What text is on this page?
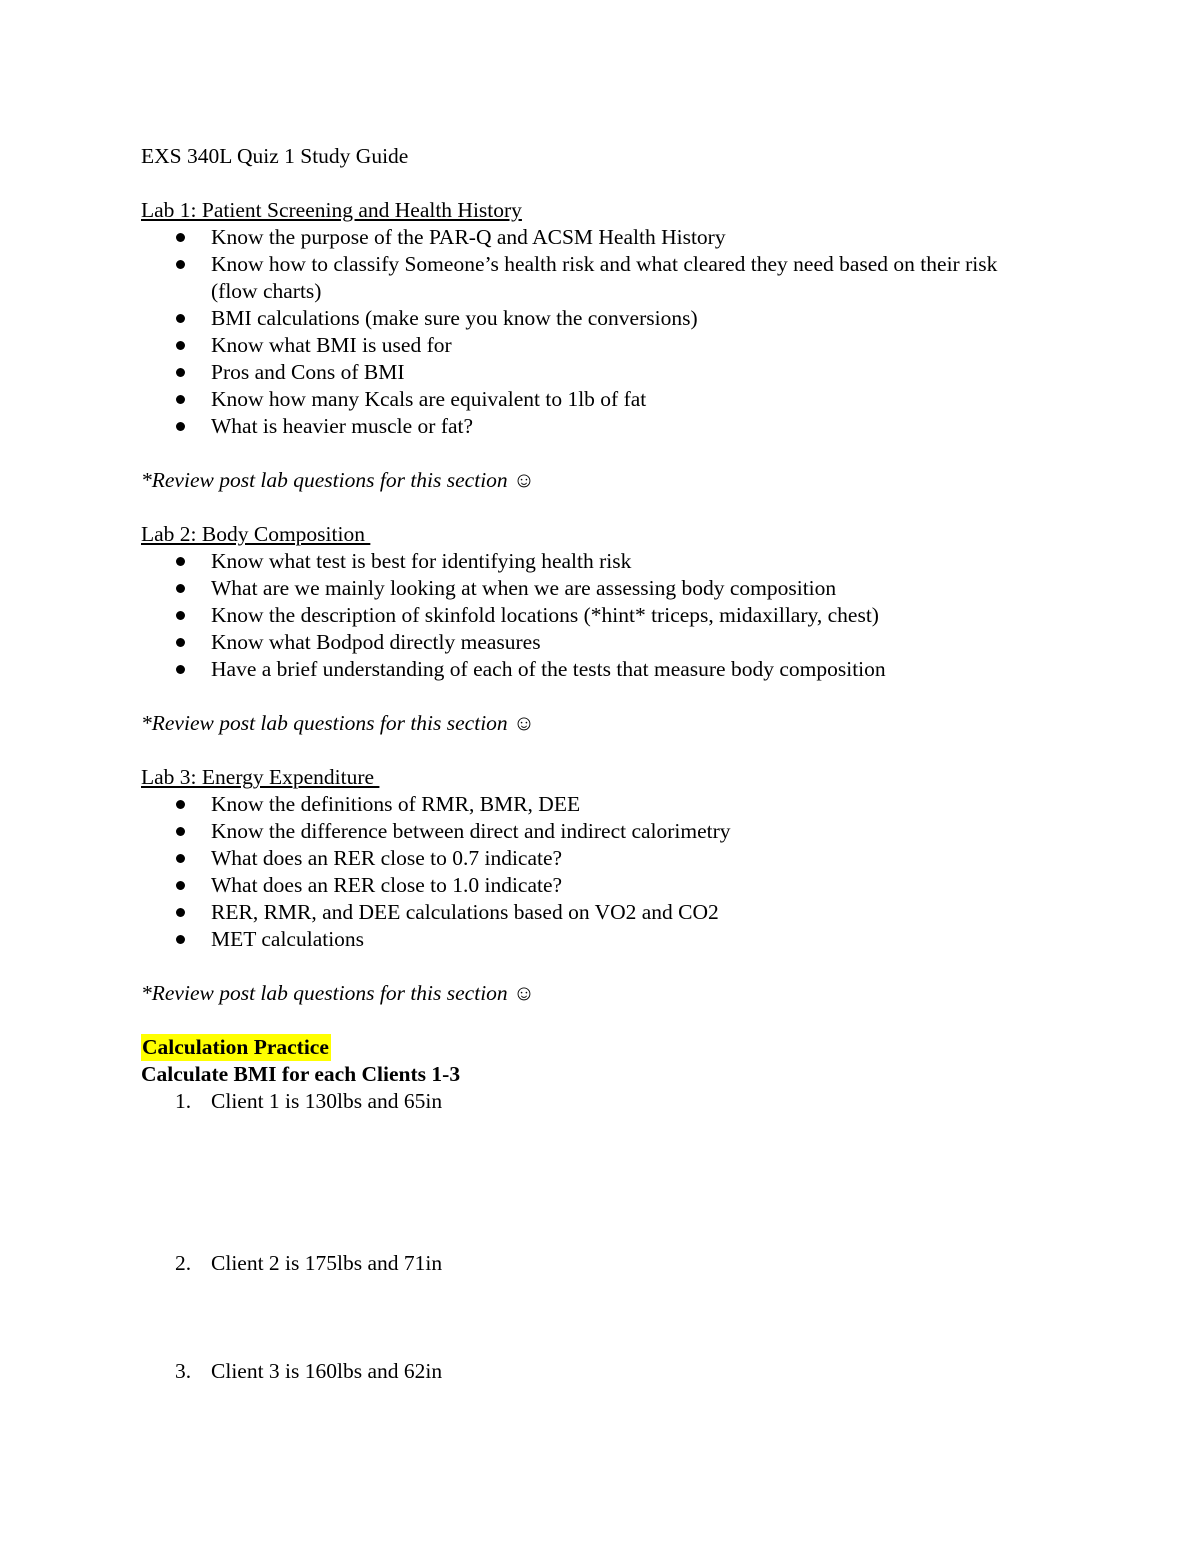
EXS 340L Quiz 1 Study Guide

Lab 1: Patient Screening and Health History

Know the purpose of the PAR-Q and ACSM Health History
Know how to classify Someone’s health risk and what cleared they need based on their risk (flow charts)
BMI calculations (make sure you know the conversions)
Know what BMI is used for
Pros and Cons of BMI
Know how many Kcals are equivalent to 1lb of fat
What is heavier muscle or fat?

*Review post lab questions for this section ☺

Lab 2: Body Composition

Know what test is best for identifying health risk
What are we mainly looking at when we are assessing body composition
Know the description of skinfold locations (*hint* triceps, midaxillary, chest)
Know what Bodpod directly measures
Have a brief understanding of each of the tests that measure body composition

*Review post lab questions for this section ☺

Lab 3: Energy Expenditure

Know the definitions of RMR, BMR, DEE
Know the difference between direct and indirect calorimetry
What does an RER close to 0.7 indicate?
What does an RER close to 1.0 indicate?
RER, RMR, and DEE calculations based on VO2 and CO2
MET calculations

*Review post lab questions for this section ☺

Calculation Practice

Calculate BMI for each Clients 1-3

1. Client 1 is 130lbs and 65in
2. Client 2 is 175lbs and 71in
3. Client 3 is 160lbs and 62in
